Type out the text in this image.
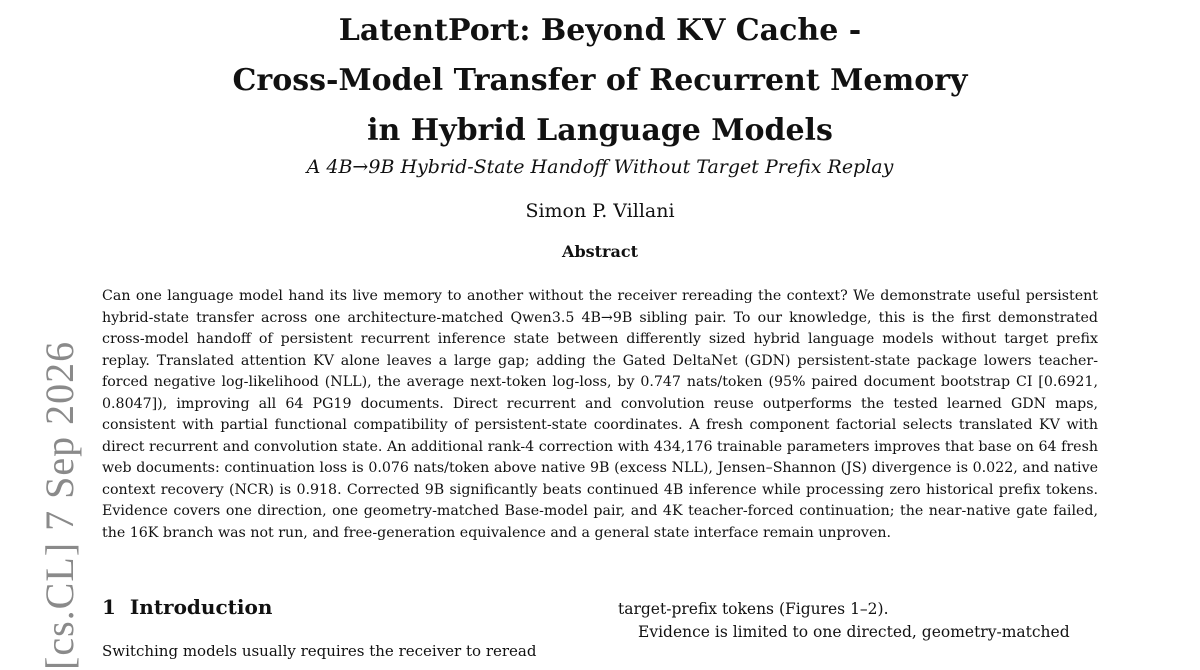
[cs.CL] 7 Sep 2026
LatentPort: Beyond KV Cache -
Cross-Model Transfer of Recurrent Memory
in Hybrid Language Models
A 4B→9B Hybrid-State Handoff Without Target Prefix Replay
Simon P. Villani
Abstract

Can one language model hand its live memory to another without the receiver rereading the context? We demonstrate useful persistent hybrid-state transfer across one architecture-matched Qwen3.5 4B→9B sibling pair. To our knowledge, this is the first demonstrated cross-model handoff of persistent recurrent inference state between differently sized hybrid language models without target prefix replay. Translated attention KV alone leaves a large gap; adding the Gated DeltaNet (GDN) persistent-state package lowers teacher-forced negative log-likelihood (NLL), the average next-token log-loss, by 0.747 nats/token (95% paired document bootstrap CI [0.6921, 0.8047]), improving all 64 PG19 documents. Direct recurrent and convolution reuse outperforms the tested learned GDN maps, consistent with partial functional compatibility of persistent-state coordinates. A fresh component factorial selects translated KV with direct recurrent and convolution state. An additional rank-4 correction with 434,176 trainable parameters improves that base on 64 fresh web documents: continuation loss is 0.076 nats/token above native 9B (excess NLL), Jensen–Shannon (JS) divergence is 0.022, and native context recovery (NCR) is 0.918. Corrected 9B significantly beats continued 4B inference while processing zero historical prefix tokens. Evidence covers one direction, one geometry-matched Base-model pair, and 4K teacher-forced continuation; the near-native gate failed, the 16K branch was not run, and free-generation equivalence and a general state interface remain unproven.

1 Introduction
Switching models usually requires the receiver to reread
target-prefix tokens (Figures 1–2).
Evidence is limited to one directed, geometry-matched
